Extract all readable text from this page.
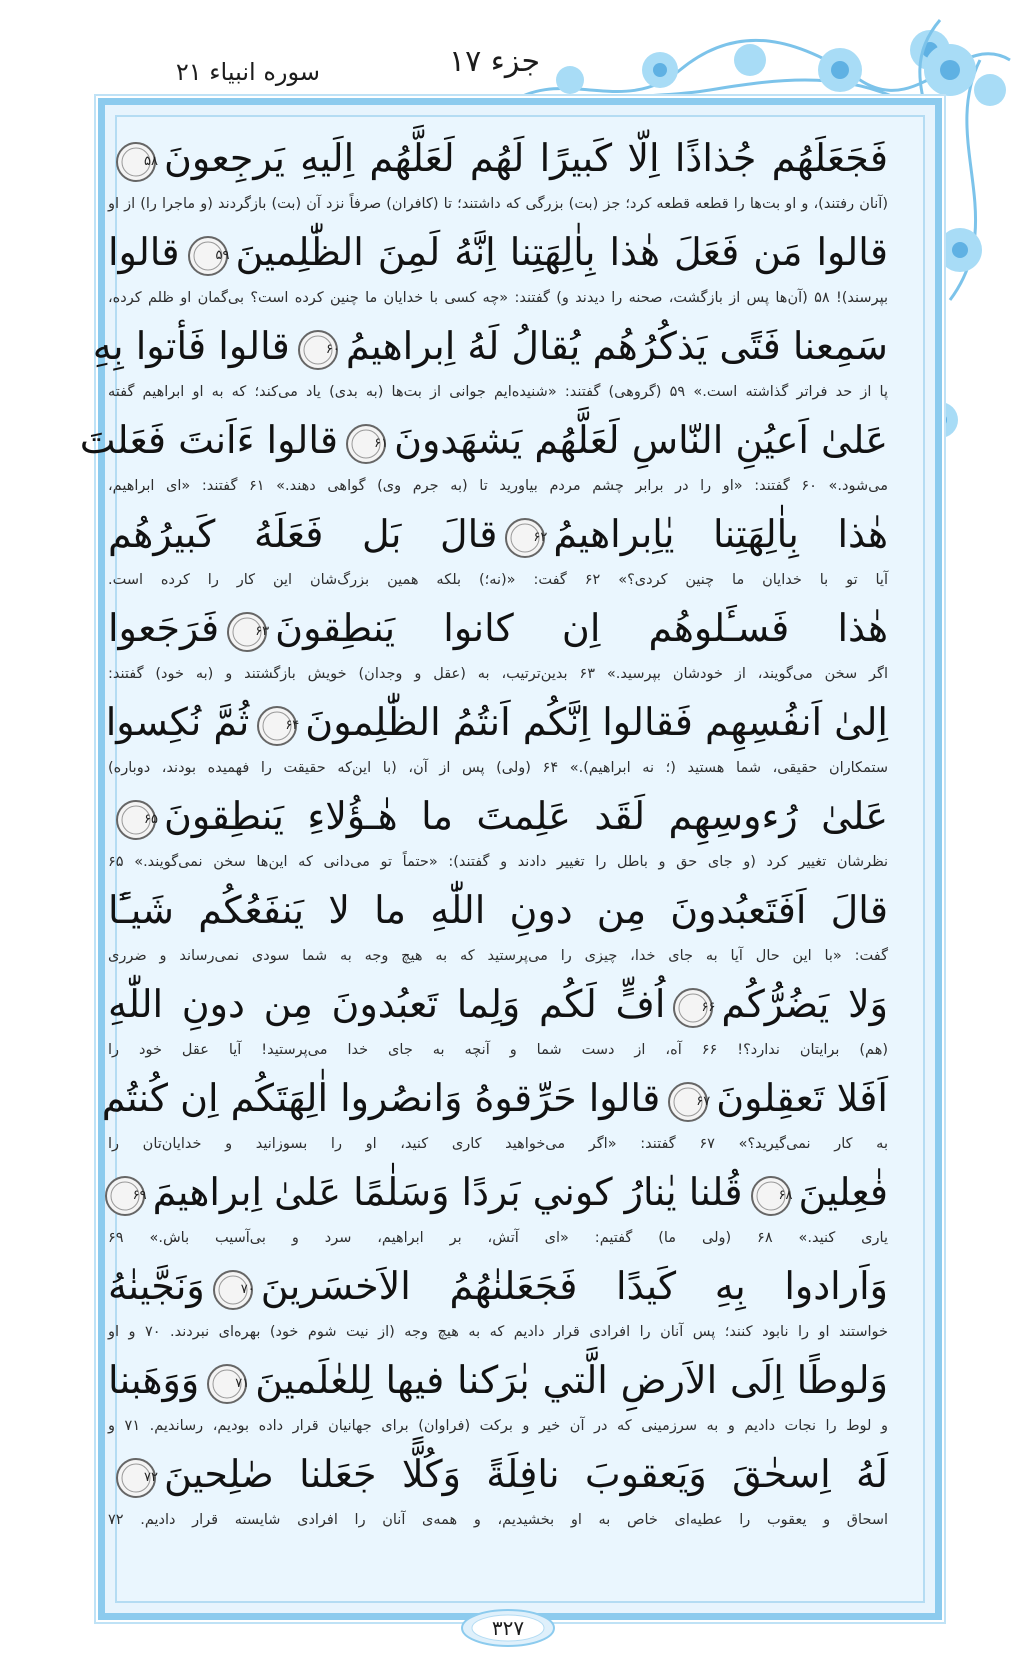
جزء ۱۷
سوره انبیاء ۲۱
فَجَعَلَهُم جُذاذًا اِلّا كَبيرًا لَهُم لَعَلَّهُم اِلَيهِ يَرجِعونَ
۵۸
(آنان رفتند)، و او بت‌ها را قطعه قطعه کرد؛ جز (بت) بزرگی که داشتند؛ تا (کافران) صرفاً نزد آن (بت) بازگردند (و ماجرا را) از او
قالوا مَن فَعَلَ هٰذا بِاٰلِهَتِنا اِنَّهُ لَمِنَ الظّٰلِمينَ
۵۹
قالوا
بپرسند)! ۵۸ (آن‌ها پس از بازگشت، صحنه را دیدند و) گفتند: «چه کسی با خدایان ما چنین کرده است؟ بی‌گمان او ظلم کرده،
سَمِعنا فَتًى يَذكُرُهُم يُقالُ لَهُ اِبراهيمُ
۶۰
قالوا فَأتوا بِهِ
پا از حد فراتر گذاشته است.» ۵۹ (گروهی) گفتند: «شنیده‌ایم جوانی از بت‌ها (به بدی) یاد می‌کند؛ که به او ابراهیم گفته
عَلىٰ اَعيُنِ النّاسِ لَعَلَّهُم يَشهَدونَ
۶۱
قالوا ءَاَنتَ فَعَلتَ
می‌شود.» ۶۰ گفتند: «او را در برابر چشم مردم بیاورید تا (به جرم وی) گواهی دهند.» ۶۱ گفتند: «ای ابراهیم،
هٰذا بِاٰلِهَتِنا يٰاِبراهيمُ
۶۲
قالَ بَل فَعَلَهُ كَبيرُهُم
آیا تو با خدایان ما چنین کردی؟» ۶۲ گفت: «(نه؛) بلکه همین بزرگ‌شان این کار را کرده است.
هٰذا فَسـَٔلوهُم اِن كانوا يَنطِقونَ
۶۳
فَرَجَعوا
اگر سخن می‌گویند، از خودشان بپرسید.» ۶۳ بدین‌ترتیب، به (عقل و وجدان) خویش بازگشتند و (به خود) گفتند:
اِلىٰ اَنفُسِهِم فَقالوا اِنَّكُم اَنتُمُ الظّٰلِمونَ
۶۴
ثُمَّ نُكِسوا
ستمکاران حقیقی، شما هستید (؛ نه ابراهیم).» ۶۴ (ولی) پس از آن، (با این‌که حقیقت را فهمیده بودند، دوباره)
عَلىٰ رُءوسِهِم لَقَد عَلِمتَ ما هٰـؤُلاءِ يَنطِقونَ
۶۵
نظرشان تغییر کرد (و جای حق و باطل را تغییر دادند و گفتند): «حتماً تو می‌دانی که این‌ها سخن نمی‌گویند.» ۶۵
قالَ اَفَتَعبُدونَ مِن دونِ اللّٰهِ ما لا يَنفَعُكُم شَيـًٔا
گفت: «با این حال آیا به جای خدا، چیزی را می‌پرستید که به هیچ وجه به شما سودی نمی‌رساند و ضرری
وَلا يَضُرُّكُم
۶۶
اُفٍّ لَكُم وَلِما تَعبُدونَ مِن دونِ اللّٰهِ
(هم) برایتان ندارد؟! ۶۶ آه، از دست شما و آنچه به جای خدا می‌پرستید! آیا عقل خود را
اَفَلا تَعقِلونَ
۶۷
قالوا حَرِّقوهُ وَانصُروا اٰلِهَتَكُم اِن كُنتُم
به کار نمی‌گیرید؟» ۶۷ گفتند: «اگر می‌خواهید کاری کنید، او را بسوزانید و خدایان‌تان را
فٰعِلينَ
۶۸
قُلنا يٰنارُ كوني بَردًا وَسَلٰمًا عَلىٰ اِبراهيمَ
۶۹
یاری کنید.» ۶۸ (ولی ما) گفتیم: «ای آتش، بر ابراهیم، سرد و بی‌آسیب باش.» ۶۹
وَاَرادوا بِهِ كَيدًا فَجَعَلنٰهُمُ الاَخسَرينَ
۷۰
وَنَجَّينٰهُ
خواستند او را نابود کنند؛ پس آنان را افرادی قرار دادیم که به هیچ وجه (از نیت شوم خود) بهره‌ای نبردند. ۷۰ و او
وَلوطًا اِلَى الاَرضِ الَّتي بٰرَكنا فيها لِلعٰلَمينَ
۷۱
وَوَهَبنا
و لوط را نجات دادیم و به سرزمینی که در آن خیر و برکت (فراوان) برای جهانیان قرار داده بودیم، رساندیم. ۷۱ و
لَهُ اِسحٰقَ وَيَعقوبَ نافِلَةً وَكُلًّا جَعَلنا صٰلِحينَ
۷۲
اسحاق و یعقوب را عطیه‌ای خاص به او بخشیدیم، و همه‌ی آنان را افرادی شایسته قرار دادیم. ۷۲
۳۲۷
